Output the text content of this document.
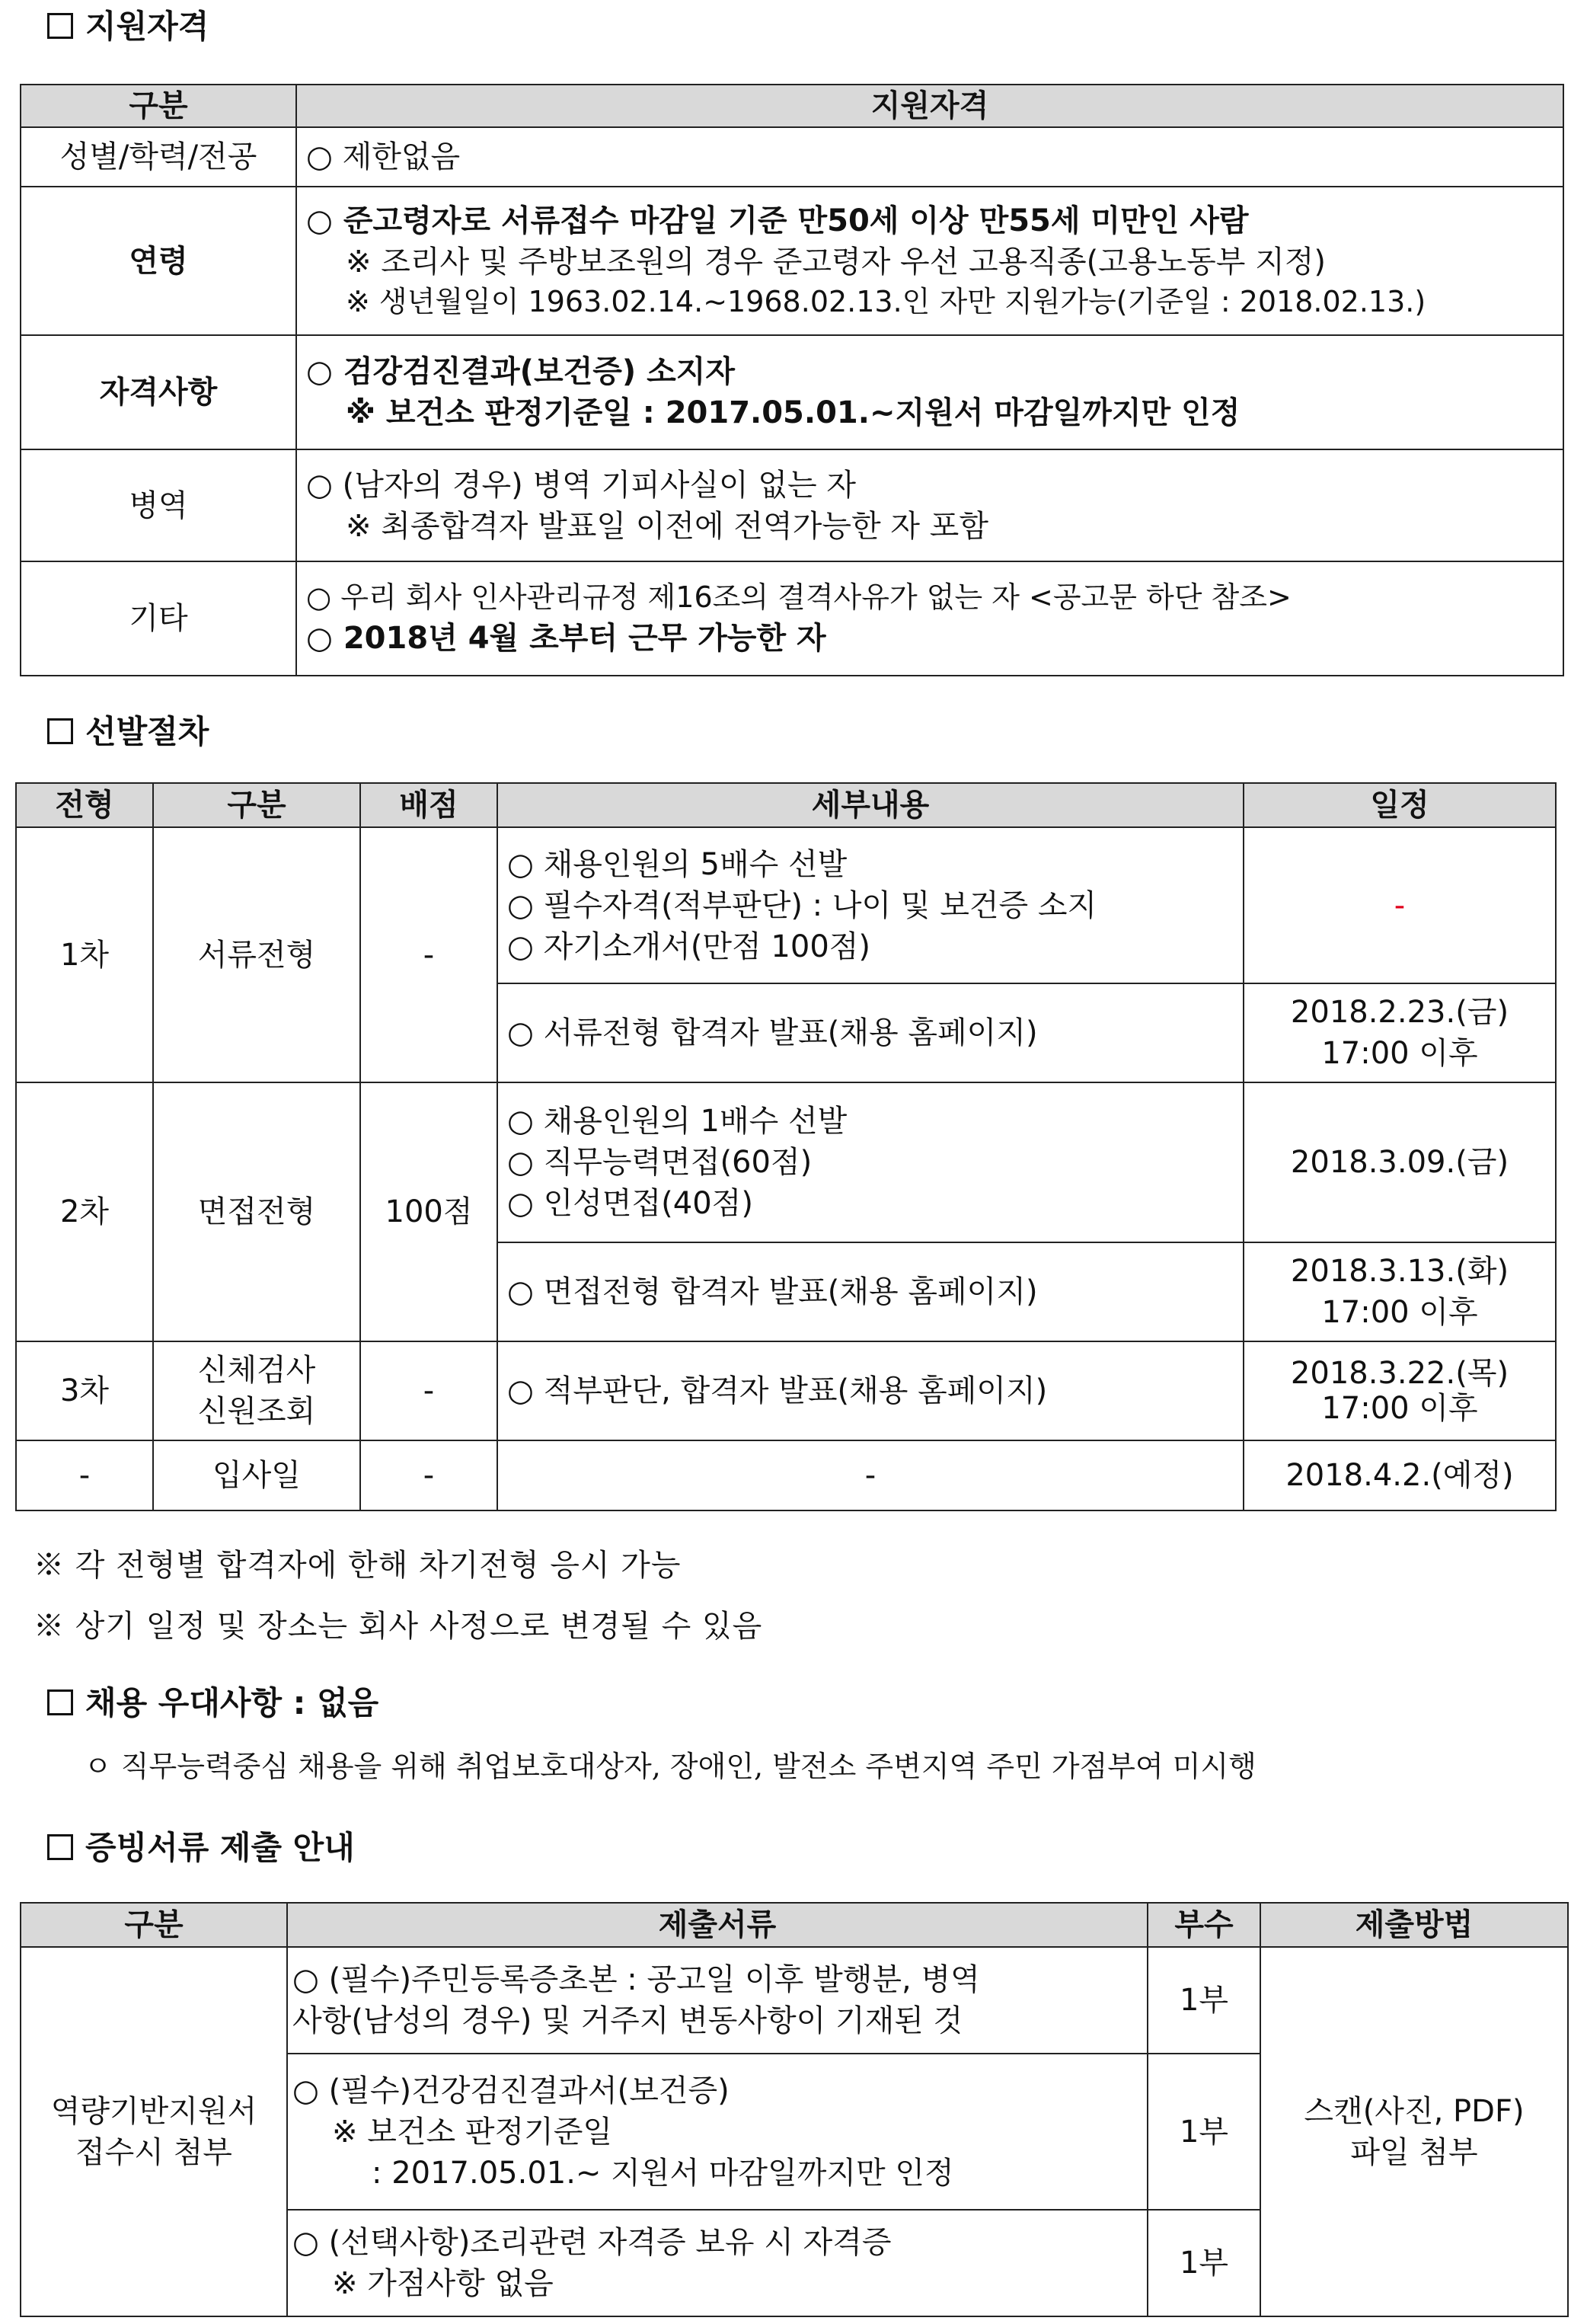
지원자격
구분	지원자격
성별/학력/전공	○ 제한없음

연령	○ 준고령자로 서류접수 마감일 기준 만50세 이상 만55세 미만인 사람
※ 조리사 및 주방보조원의 경우 준고령자 우선 고용직종(고용노동부 지정)
※ 생년월일이 1963.02.14.~1968.02.13.인 자만 지원가능(기준일 : 2018.02.13.)

자격사항	○ 검강검진결과(보건증) 소지자
※ 보건소 판정기준일 : 2017.05.01.~지원서 마감일까지만 인정

병역	○ (남자의 경우) 병역 기피사실이 없는 자
※ 최종합격자 발표일 이전에 전역가능한 자 포함

기타	○ 우리 회사 인사관리규정 제16조의 결격사유가 없는 자 <공고문 하단 참조>
○ 2018년 4월 초부터 근무 가능한 자
선발절차
전형	구분	배점	세부내용	일정
1차	서류전형	-	○ 채용인원의 5배수 선발
○ 필수자격(적부판단) : 나이 및 보건증 소지
○ 자기소개서(만점 100점)	-
			○ 서류전형 합격자 발표(채용 홈페이지)	2018.2.23.(금)
17:00 이후

2차	면접전형	100점	○ 채용인원의 1배수 선발
○ 직무능력면접(60점)
○ 인성면접(40점)	2018.3.09.(금)
			○ 면접전형 합격자 발표(채용 홈페이지)	2018.3.13.(화)
17:00 이후

3차	신체검사
신원조회	-	○ 적부판단, 합격자 발표(채용 홈페이지)	2018.3.22.(목)
17:00 이후

-	입사일	-	-	2018.4.2.(예정)
※ 각 전형별 합격자에 한해 차기전형 응시 가능
※ 상기 일정 및 장소는 회사 사정으로 변경될 수 있음
채용 우대사항 : 없음
ㅇ 직무능력중심 채용을 위해 취업보호대상자, 장애인, 발전소 주변지역 주민 가점부여 미시행
증빙서류 제출 안내
구분	제출서류	부수	제출방법

역량기반지원서
접수시 첨부	○ (필수)주민등록증초본 : 공고일 이후 발행분, 병역
사항(남성의 경우) 및 거주지 변동사항이 기재된 것	1부	스캔(사진, PDF)
파일 첨부

	○ (필수)건강검진결과서(보건증)
※ 보건소 판정기준일
: 2017.05.01.~ 지원서 마감일까지만 인정	1부	

	○ (선택사항)조리관련 자격증 보유 시 자격증
※ 가점사항 없음	1부	
